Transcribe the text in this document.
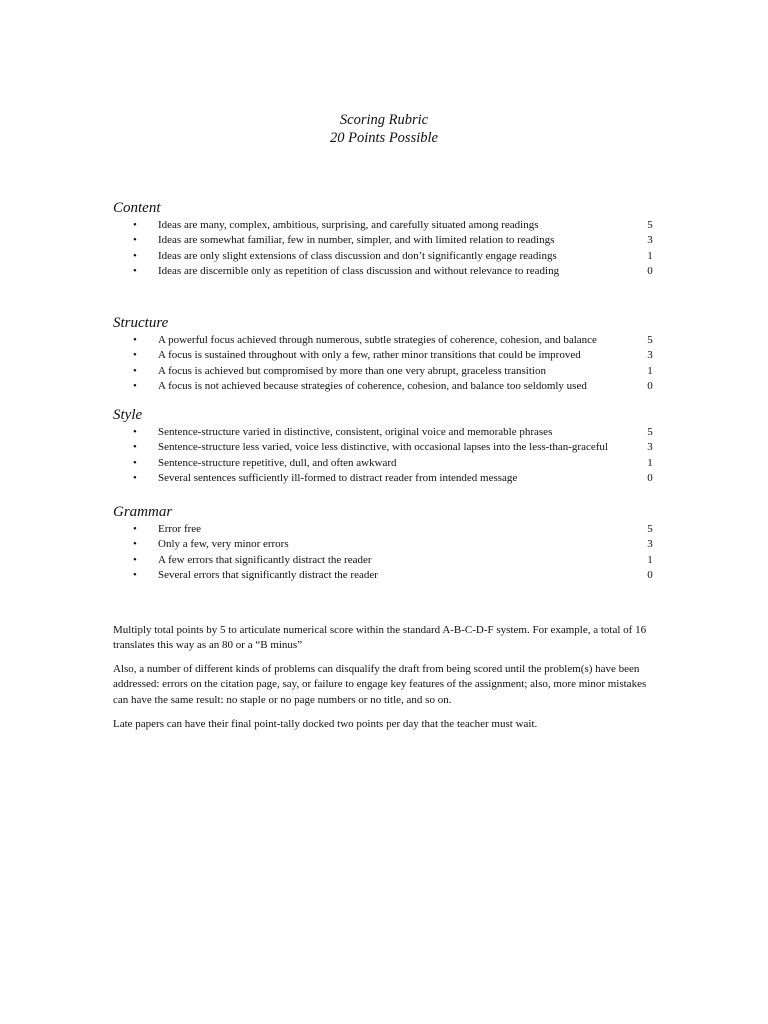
Scoring Rubric
20 Points Possible
Content
• Ideas are many, complex, ambitious, surprising, and carefully situated among readings	5
• Ideas are somewhat familiar, few in number, simpler, and with limited relation to readings	3
• Ideas are only slight extensions of class discussion and don’t significantly engage readings	1
• Ideas are discernible only as repetition of class discussion and without relevance to reading	0
Structure
• A powerful focus achieved through numerous, subtle strategies of coherence, cohesion, and balance	5
• A focus is sustained throughout with only a few, rather minor transitions that could be improved	3
• A focus is achieved but compromised by more than one very abrupt, graceless transition	1
• A focus is not achieved because strategies of coherence, cohesion, and balance too seldomly used	0
Style
• Sentence-structure varied in distinctive, consistent, original voice and memorable phrases	5
• Sentence-structure less varied, voice less distinctive, with occasional lapses into the less-than-graceful	3
• Sentence-structure repetitive, dull, and often awkward	1
• Several sentences sufficiently ill-formed to distract reader from intended message	0
Grammar
• Error free	5
• Only a few, very minor errors	3
• A few errors that significantly distract the reader	1
• Several errors that significantly distract the reader	0

Multiply total points by 5 to articulate numerical score within the standard A-B-C-D-F system. For example, a total of 16 translates this way as an 80 or a “B minus”

Also, a number of different kinds of problems can disqualify the draft from being scored until the problem(s) have been addressed: errors on the citation page, say, or failure to engage key features of the assignment; also, more minor mistakes can have the same result: no staple or no page numbers or no title, and so on.

Late papers can have their final point-tally docked two points per day that the teacher must wait.
